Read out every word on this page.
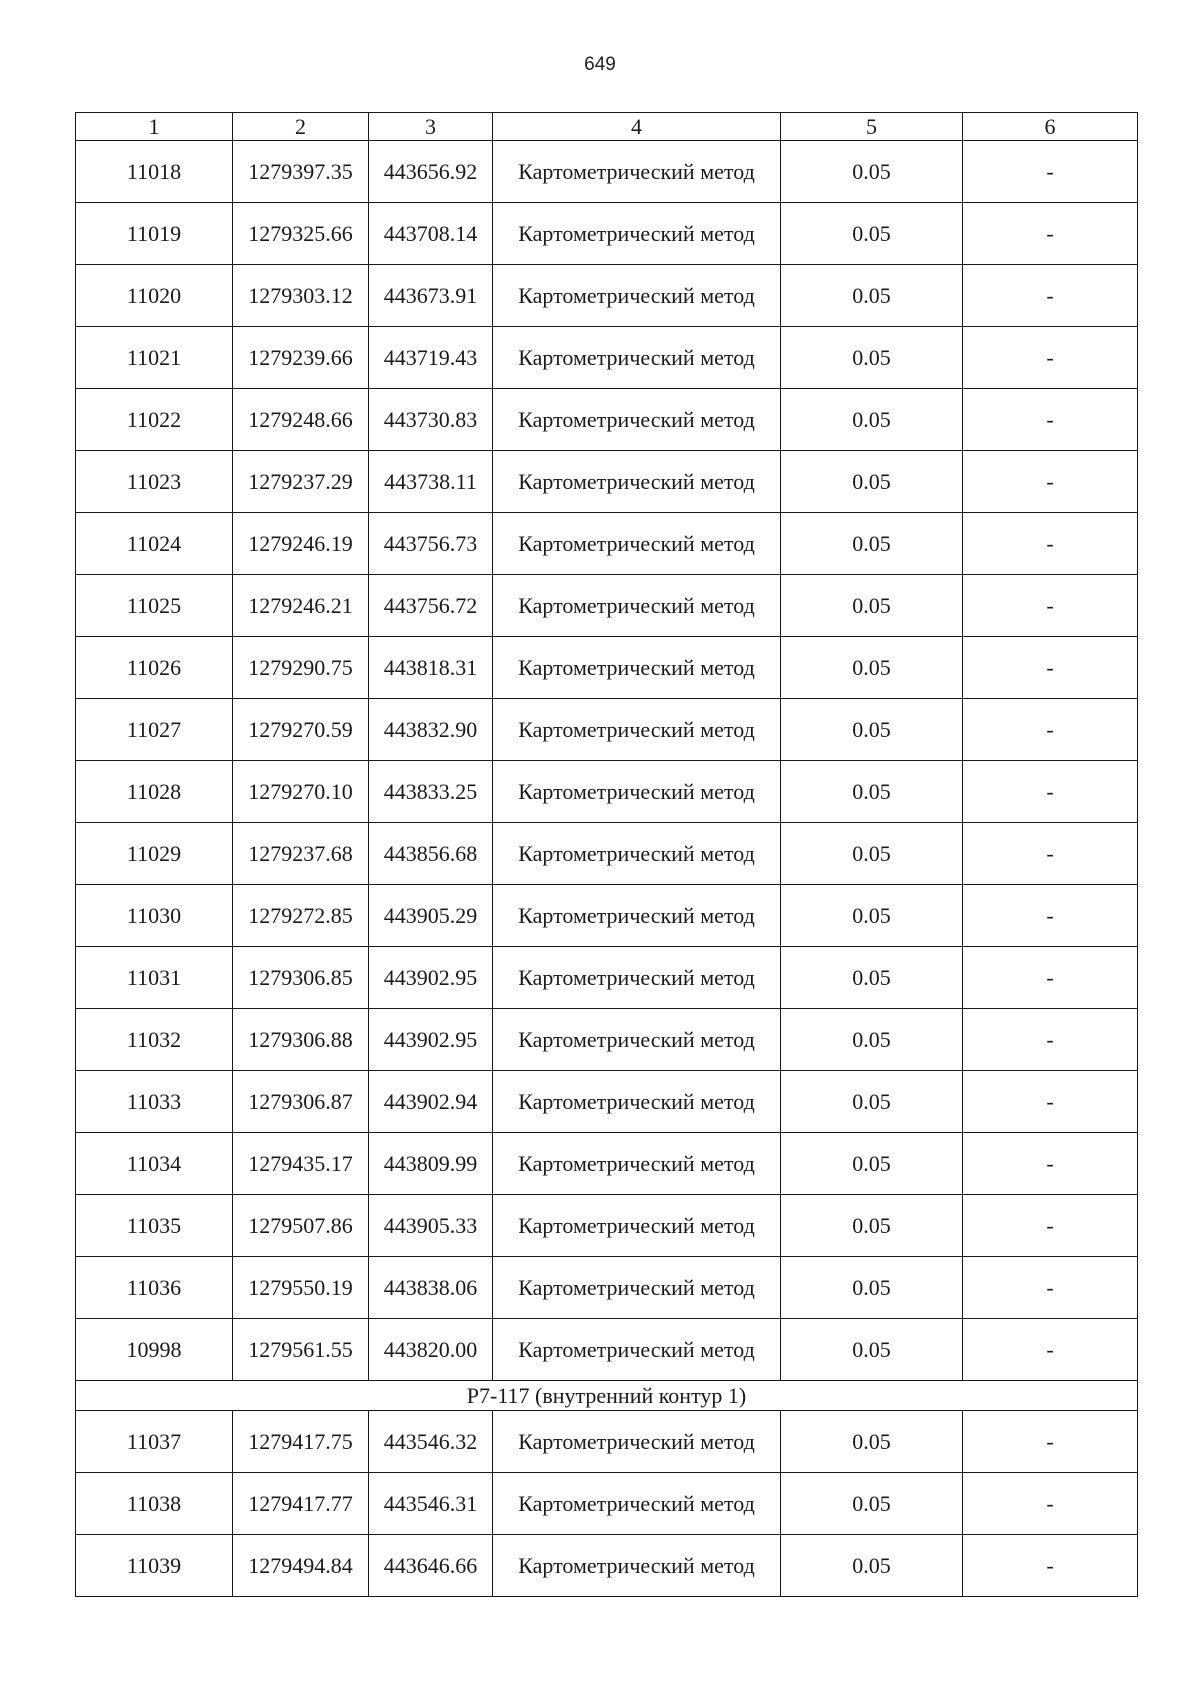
649
1	2	3	4	5	6
11018	1279397.35	443656.92	Картометрический метод	0.05	-
11019	1279325.66	443708.14	Картометрический метод	0.05	-
11020	1279303.12	443673.91	Картометрический метод	0.05	-
11021	1279239.66	443719.43	Картометрический метод	0.05	-
11022	1279248.66	443730.83	Картометрический метод	0.05	-
11023	1279237.29	443738.11	Картометрический метод	0.05	-
11024	1279246.19	443756.73	Картометрический метод	0.05	-
11025	1279246.21	443756.72	Картометрический метод	0.05	-
11026	1279290.75	443818.31	Картометрический метод	0.05	-
11027	1279270.59	443832.90	Картометрический метод	0.05	-
11028	1279270.10	443833.25	Картометрический метод	0.05	-
11029	1279237.68	443856.68	Картометрический метод	0.05	-
11030	1279272.85	443905.29	Картометрический метод	0.05	-
11031	1279306.85	443902.95	Картометрический метод	0.05	-
11032	1279306.88	443902.95	Картометрический метод	0.05	-
11033	1279306.87	443902.94	Картометрический метод	0.05	-
11034	1279435.17	443809.99	Картометрический метод	0.05	-
11035	1279507.86	443905.33	Картометрический метод	0.05	-
11036	1279550.19	443838.06	Картометрический метод	0.05	-
10998	1279561.55	443820.00	Картометрический метод	0.05	-
Р7-117 (внутренний контур 1)					
11037	1279417.75	443546.32	Картометрический метод	0.05	-
11038	1279417.77	443546.31	Картометрический метод	0.05	-
11039	1279494.84	443646.66	Картометрический метод	0.05	-
